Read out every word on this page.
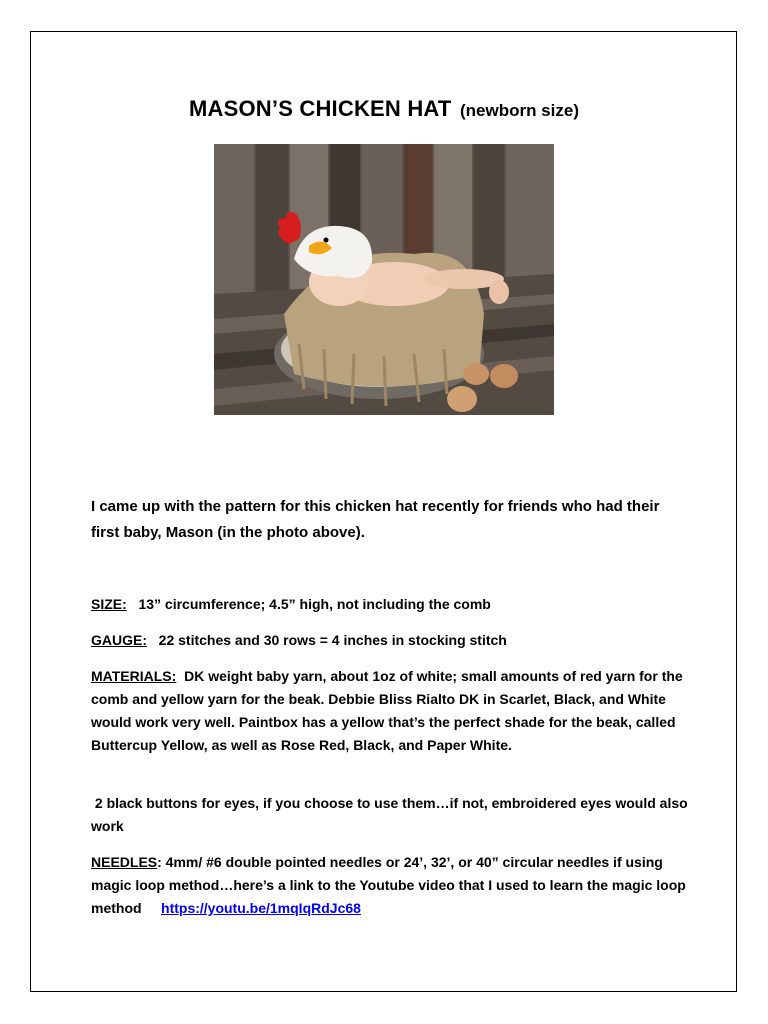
MASON’S CHICKEN HAT (newborn size)
I came up with the pattern for this chicken hat recently for friends who had their first baby, Mason (in the photo above).
SIZE: 13” circumference; 4.5” high, not including the comb
GAUGE: 22 stitches and 30 rows = 4 inches in stocking stitch
MATERIALS: DK weight baby yarn, about 1oz of white; small amounts of red yarn for the comb and yellow yarn for the beak. Debbie Bliss Rialto DK in Scarlet, Black, and White would work very well. Paintbox has a yellow that’s the perfect shade for the beak, called Buttercup Yellow, as well as Rose Red, Black, and Paper White.
2 black buttons for eyes, if you choose to use them…if not, embroidered eyes would also work
NEEDLES: 4mm/ #6 double pointed needles or 24’, 32’, or 40” circular needles if using magic loop method…here’s a link to the Youtube video that I used to learn the magic loop method https://youtu.be/1mqIqRdJc68
